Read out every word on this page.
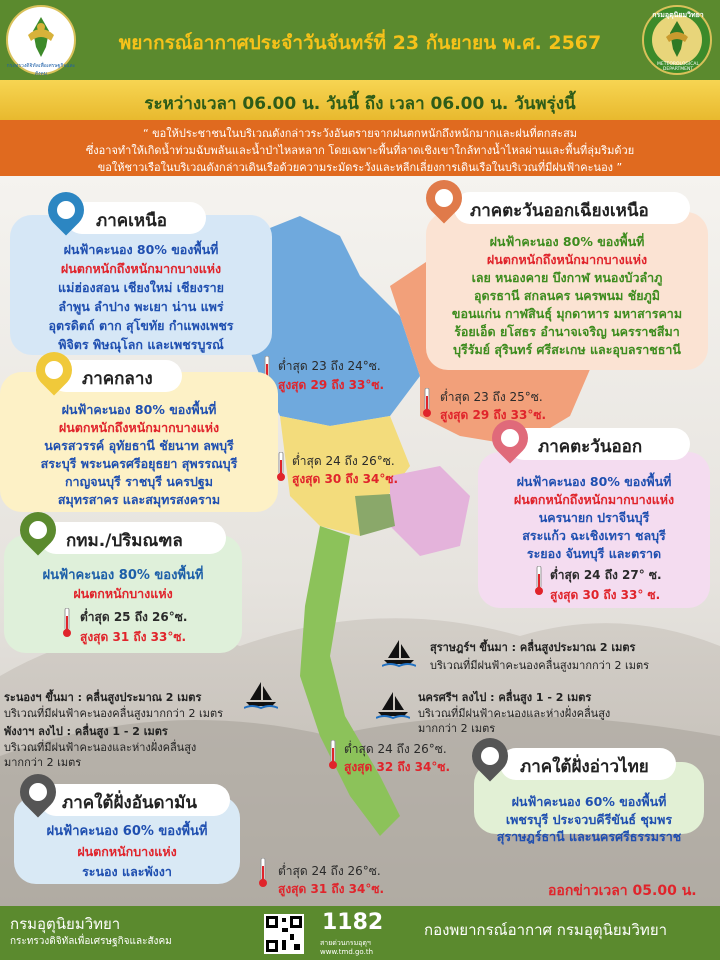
กระทรวงดิจิทัลเพื่อเศรษฐกิจและสังคม
พยากรณ์อากาศประจำวันจันทร์ที่ 23 กันยายน พ.ศ. 2567
กรมอุตุนิยมวิทยา
METEOROLOGICAL DEPARTMENT
ระหว่างเวลา 06.00 น. วันนี้ ถึง เวลา 06.00 น. วันพรุ่งนี้
“ ขอให้ประชาชนในบริเวณดังกล่าวระวังอันตรายจากฝนตกหนักถึงหนักมากและฝนที่ตกสะสม
ซึ่งอาจทำให้เกิดน้ำท่วมฉับพลันและน้ำป่าไหลหลาก โดยเฉพาะพื้นที่ลาดเชิงเขาใกล้ทางน้ำไหลผ่านและพื้นที่ลุ่มริมด้วย
ขอให้ชาวเรือในบริเวณดังกล่าวเดินเรือด้วยความระมัดระวังและหลีกเลี่ยงการเดินเรือในบริเวณที่มีฝนฟ้าคะนอง ”
ภาคเหนือ
ฝนฟ้าคะนอง 80% ของพื้นที่
ฝนตกหนักถึงหนักมากบางแห่ง
แม่ฮ่องสอน เชียงใหม่ เชียงราย
ลำพูน ลำปาง พะเยา น่าน แพร่
อุตรดิตถ์ ตาก สุโขทัย กำแพงเพชร
พิจิตร พิษณุโลก และเพชรบูรณ์
ต่ำสุด 23 ถึง 24°ซ.
สูงสุด 29 ถึง 33°ซ.
ภาคตะวันออกเฉียงเหนือ
ฝนฟ้าคะนอง 80% ของพื้นที่
ฝนตกหนักถึงหนักมากบางแห่ง
เลย หนองคาย บึงกาฬ หนองบัวลำภู
อุดรธานี สกลนคร นครพนม ชัยภูมิ
ขอนแก่น กาฬสินธุ์ มุกดาหาร มหาสารคาม
ร้อยเอ็ด ยโสธร อำนาจเจริญ นครราชสีมา
บุรีรัมย์ สุรินทร์ ศรีสะเกษ และอุบลราชธานี
ต่ำสุด 23 ถึง 25°ซ.
สูงสุด 29 ถึง 33°ซ.
ภาคกลาง
ฝนฟ้าคะนอง 80% ของพื้นที่
ฝนตกหนักถึงหนักมากบางแห่ง
นครสวรรค์ อุทัยธานี ชัยนาท ลพบุรี
สระบุรี พระนครศรีอยุธยา สุพรรณบุรี
กาญจนบุรี ราชบุรี นครปฐม
สมุทรสาคร และสมุทรสงคราม
ต่ำสุด 24 ถึง 26°ซ.
สูงสุด 30 ถึง 34°ซ.
ภาคตะวันออก
ฝนฟ้าคะนอง 80% ของพื้นที่
ฝนตกหนักถึงหนักมากบางแห่ง
นครนายก ปราจีนบุรี
สระแก้ว ฉะเชิงเทรา ชลบุรี
ระยอง จันทบุรี และตราด
ต่ำสุด 24 ถึง 27° ซ.
สูงสุด 30 ถึง 33° ซ.
กทม./ปริมณฑล
ฝนฟ้าคะนอง 80% ของพื้นที่
ฝนตกหนักบางแห่ง
ต่ำสุด 25 ถึง 26°ซ.
สูงสุด 31 ถึง 33°ซ.
สุราษฎร์ฯ ขึ้นมา : คลื่นสูงประมาณ 2 เมตร
บริเวณที่มีฝนฟ้าคะนองคลื่นสูงมากกว่า 2 เมตร
นครศรีฯ ลงไป : คลื่นสูง 1 - 2 เมตร
บริเวณที่มีฝนฟ้าคะนองและห่างฝั่งคลื่นสูง
มากกว่า 2 เมตร
ระนองฯ ขึ้นมา : คลื่นสูงประมาณ 2 เมตร
บริเวณที่มีฝนฟ้าคะนองคลื่นสูงมากกว่า 2 เมตร
พังงาฯ ลงไป : คลื่นสูง 1 - 2 เมตร
บริเวณที่มีฝนฟ้าคะนองและห่างฝั่งคลื่นสูง
มากกว่า 2 เมตร
ต่ำสุด 24 ถึง 26°ซ.
สูงสุด 32 ถึง 34°ซ.	ภาคใต้ฝั่งอ่าวไทย
ฝนฟ้าคะนอง 60% ของพื้นที่
เพชรบุรี ประจวบคีรีขันธ์ ชุมพร
สุราษฎร์ธานี และนครศรีธรรมราช
ภาคใต้ฝั่งอันดามัน
ฝนฟ้าคะนอง 60% ของพื้นที่
ฝนตกหนักบางแห่ง
ระนอง และพังงา	ต่ำสุด 24 ถึง 26°ซ.
สูงสุด 31 ถึง 34°ซ.	ออกข่าวเวลา 05.00 น.
กรมอุตุนิยมวิทยา
กระทรวงดิจิทัลเพื่อเศรษฐกิจและสังคม
1182
สายด่วนกรมอุตุฯ
www.tmd.go.th
กองพยากรณ์อากาศ กรมอุตุนิยมวิทยา
